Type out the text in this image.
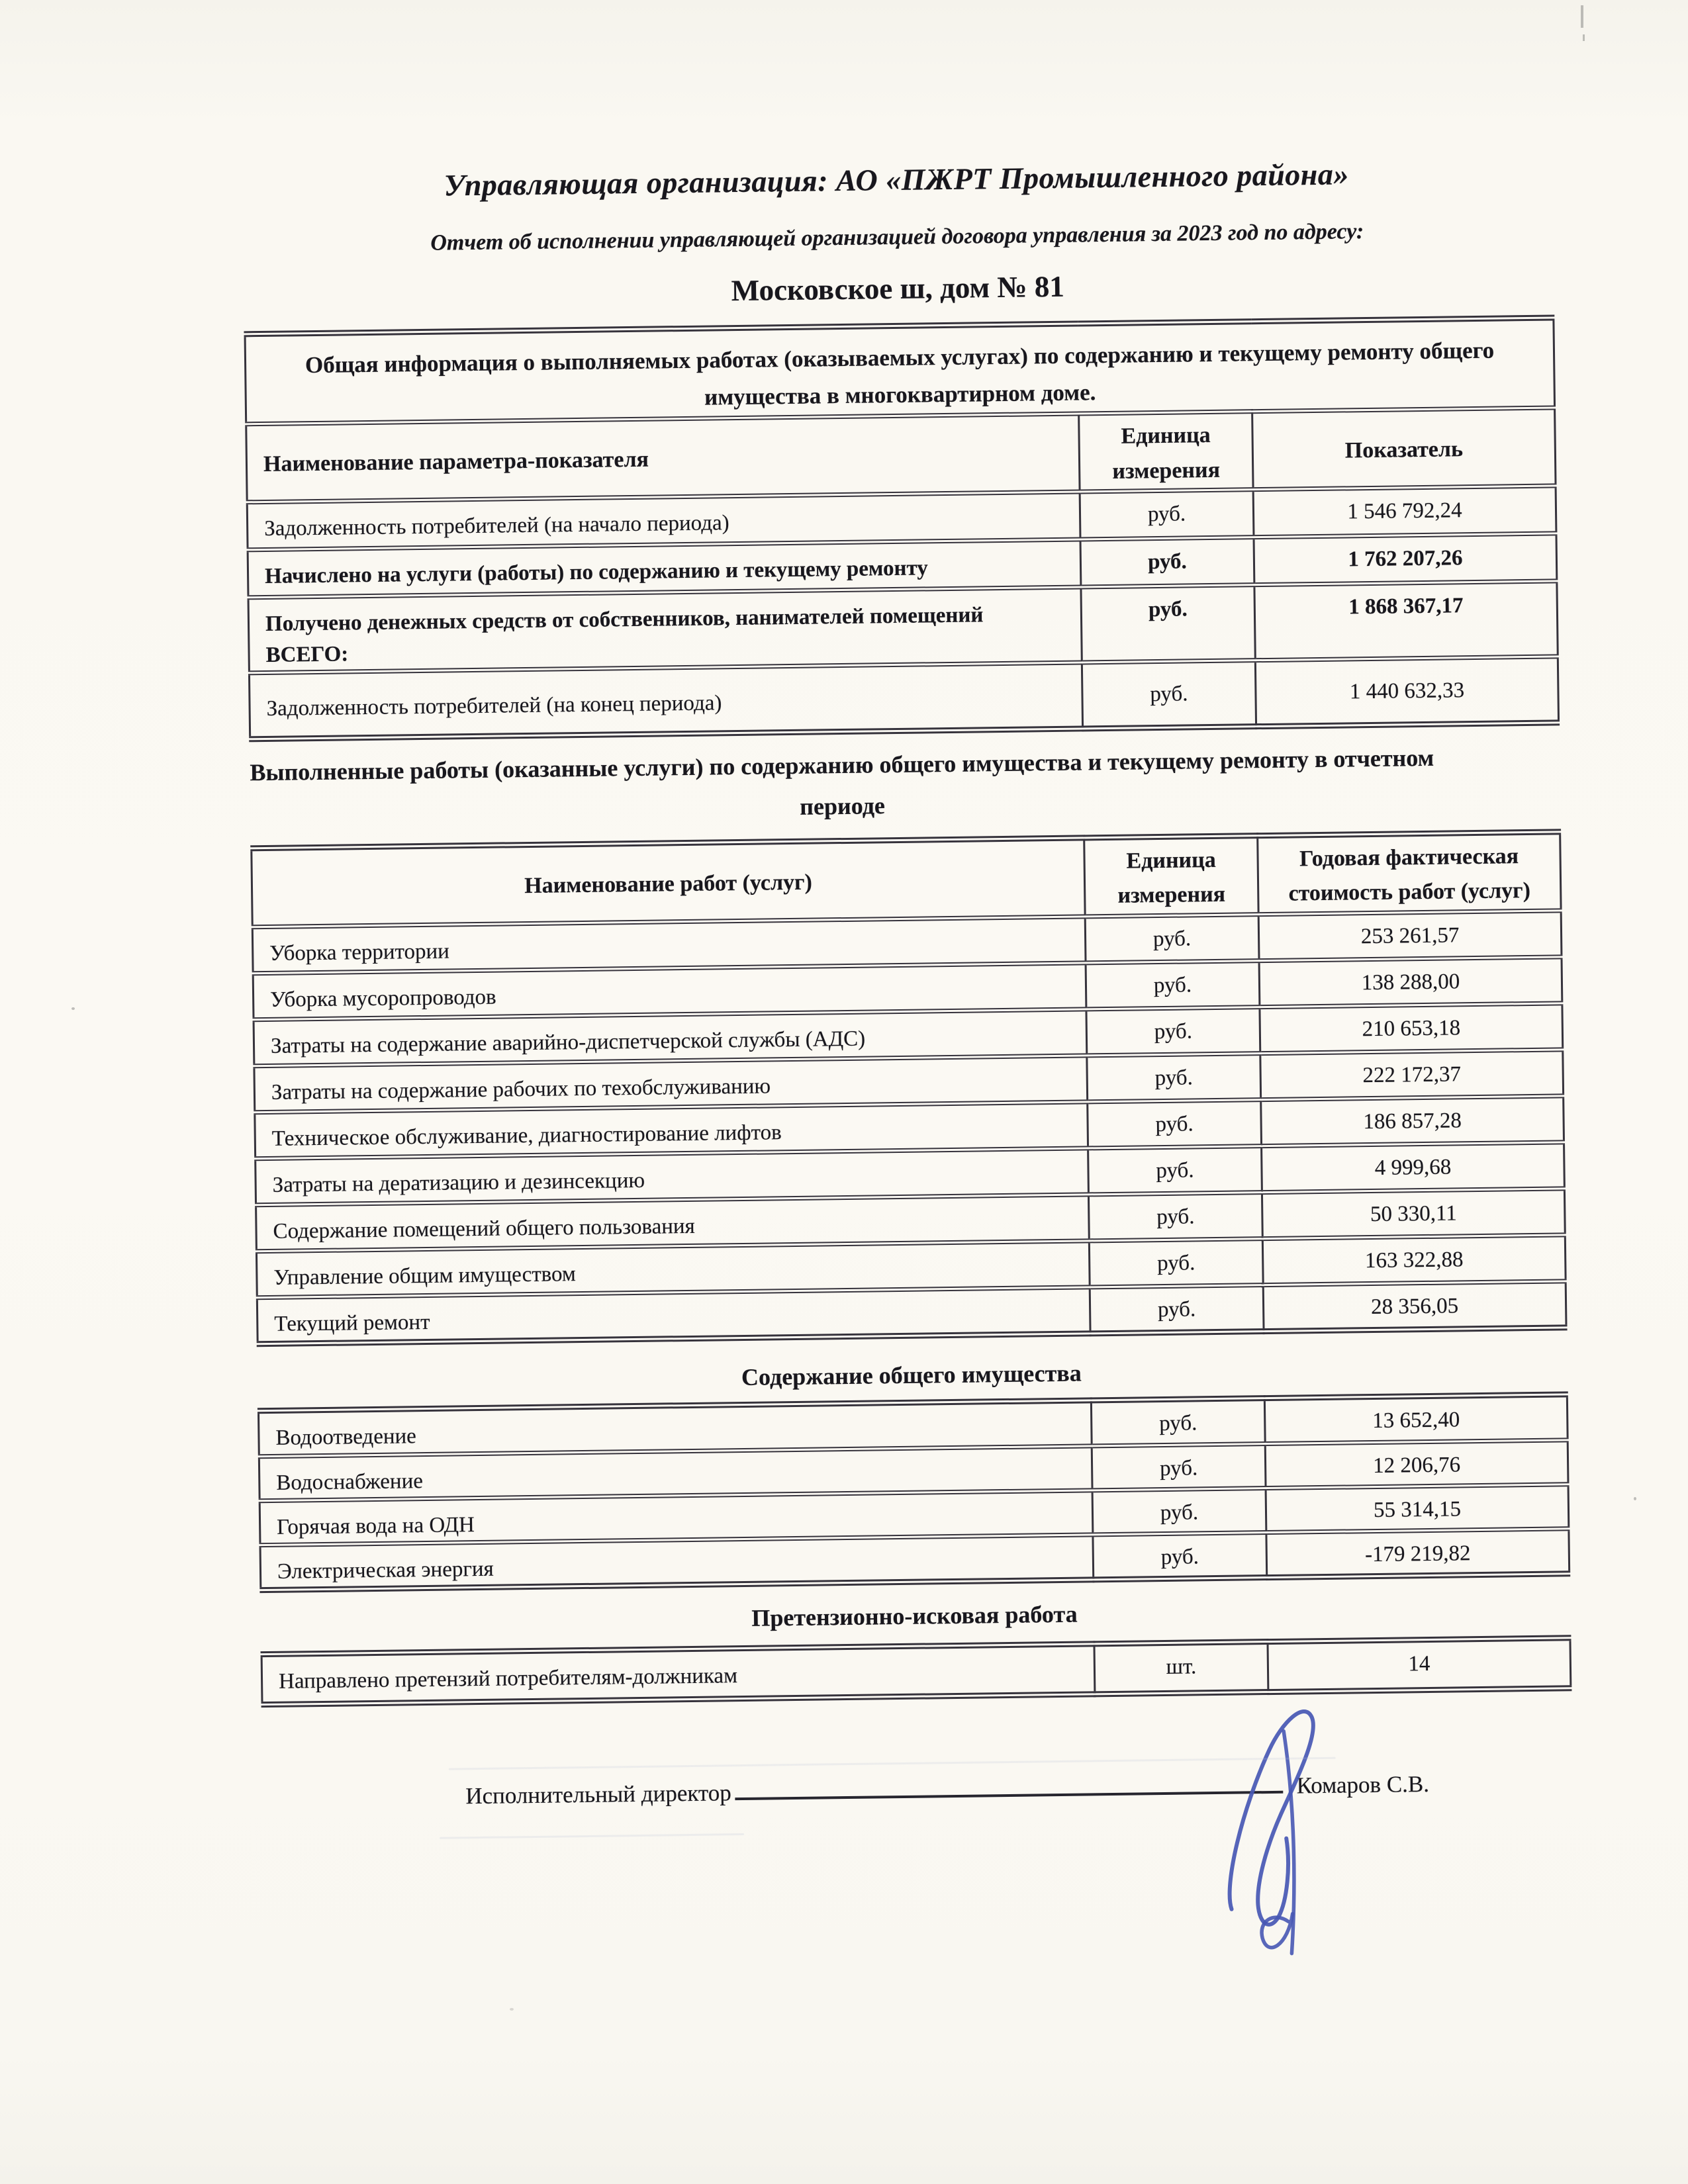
Управляющая организация: АО «ПЖРТ Промышленного района»
Отчет об исполнении управляющей организацией договора управления за 2023 год по адресу:
Московское ш, дом № 81
Общая информация о выполняемых работах (оказываемых услугах) по содержанию и текущему ремонту общего имущества в многоквартирном доме.		
Наименование параметра-показателя	Единица измерения	Показатель
Задолженность потребителей (на начало периода)	руб.	1 546 792,24
Начислено на услуги (работы) по содержанию и текущему ремонту	руб.	1 762 207,26
Получено денежных средств от собственников, нанимателей помещений ВСЕГО:	руб.	1 868 367,17
Задолженность потребителей (на конец периода)	руб.	1 440 632,33
Выполненные работы (оказанные услуги) по содержанию общего имущества и текущему ремонту в отчетном периоде
Наименование работ (услуг)	Единица измерения	Годовая фактическая стоимость работ (услуг)
Уборка территории	руб.	253 261,57
Уборка мусоропроводов	руб.	138 288,00
Затраты на содержание аварийно-диспетчерской службы (АДС)	руб.	210 653,18
Затраты на содержание рабочих по техобслуживанию	руб.	222 172,37
Техническое обслуживание, диагностирование лифтов	руб.	186 857,28
Затраты на дератизацию и дезинсекцию	руб.	4 999,68
Содержание помещений общего пользования	руб.	50 330,11
Управление общим имуществом	руб.	163 322,88
Текущий ремонт	руб.	28 356,05
Содержание общего имущества
Водоотведение	руб.	13 652,40
Водоснабжение	руб.	12 206,76
Горячая вода на ОДН	руб.	55 314,15
Электрическая энергия	руб.	-179 219,82
Претензионно-исковая работа
Направлено претензий потребителям-должникам	шт.	14
Исполнительный директор	Комаров С.В.
